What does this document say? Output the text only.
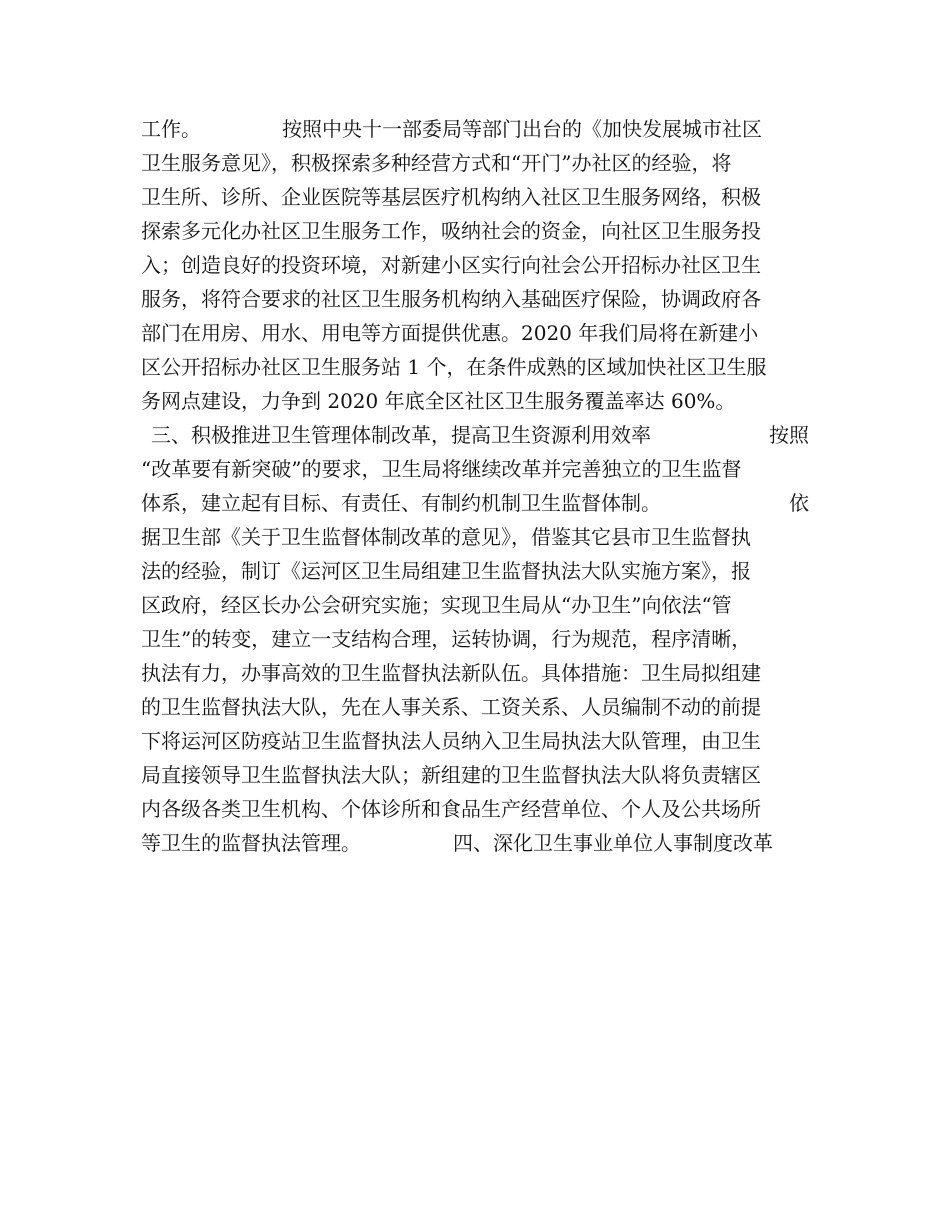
工作。	按照中央十一部委局等部门出台的《加快发展城市社区
卫生服务意见》，积极探索多种经营方式和“开门”办社区的经验，将
卫生所、诊所、企业医院等基层医疗机构纳入社区卫生服务网络，积极
探索多元化办社区卫生服务工作，吸纳社会的资金，向社区卫生服务投
入；创造良好的投资环境，对新建小区实行向社会公开招标办社区卫生
服务，将符合要求的社区卫生服务机构纳入基础医疗保险，协调政府各
部门在用房、用水、用电等方面提供优惠。2020 年我们局将在新建小
区公开招标办社区卫生服务站 1 个，在条件成熟的区域加快社区卫生服
务网点建设，力争到 2020 年底全区社区卫生服务覆盖率达 60%。
三、积极推进卫生管理体制改革，提高卫生资源利用效率	按照
“改革要有新突破”的要求，卫生局将继续改革并完善独立的卫生监督
体系，建立起有目标、有责任、有制约机制卫生监督体制。	依
据卫生部《关于卫生监督体制改革的意见》，借鉴其它县市卫生监督执
法的经验，制订《运河区卫生局组建卫生监督执法大队实施方案》，报
区政府，经区长办公会研究实施；实现卫生局从“办卫生”向依法“管
卫生”的转变，建立一支结构合理，运转协调，行为规范，程序清晰，
执法有力，办事高效的卫生监督执法新队伍。具体措施：卫生局拟组建
的卫生监督执法大队，先在人事关系、工资关系、人员编制不动的前提
下将运河区防疫站卫生监督执法人员纳入卫生局执法大队管理，由卫生
局直接领导卫生监督执法大队；新组建的卫生监督执法大队将负责辖区
内各级各类卫生机构、个体诊所和食品生产经营单位、个人及公共场所
等卫生的监督执法管理。	四、深化卫生事业单位人事制度改革
